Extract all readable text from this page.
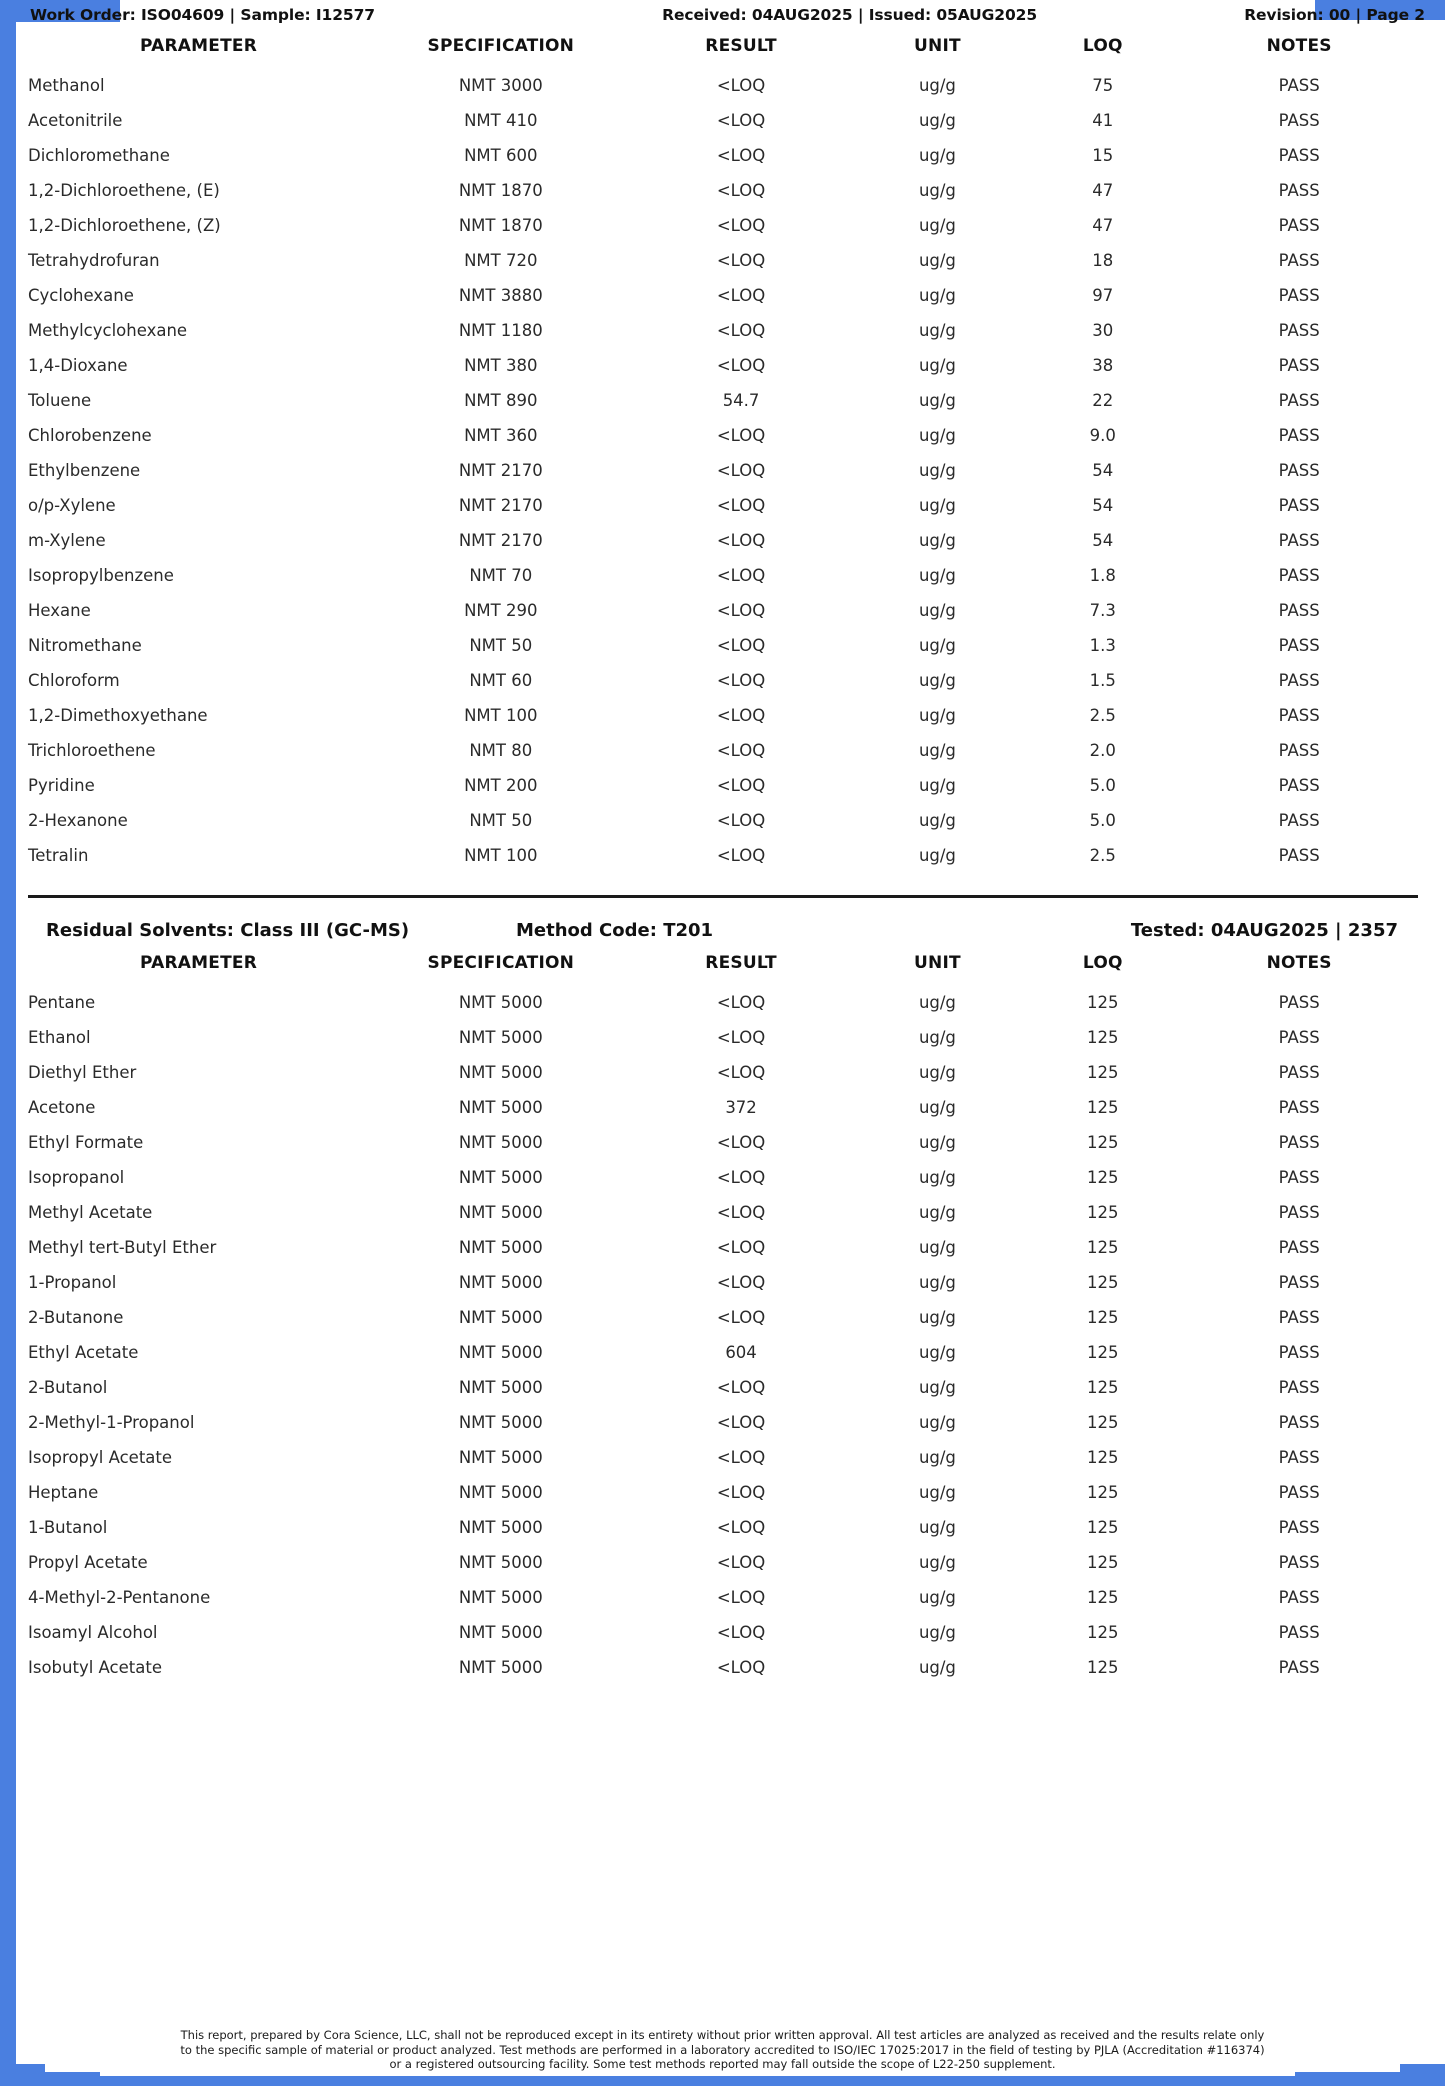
Work Order: ISO04609 | Sample: I12577	Received: 04AUG2025 | Issued: 05AUG2025	Revision: 00 | Page 2
PARAMETER	SPECIFICATION	RESULT	UNIT	LOQ	NOTES
Methanol	NMT 3000	<LOQ	ug/g	75	PASS
Acetonitrile	NMT 410	<LOQ	ug/g	41	PASS
Dichloromethane	NMT 600	<LOQ	ug/g	15	PASS
1,2-Dichloroethene, (E)	NMT 1870	<LOQ	ug/g	47	PASS
1,2-Dichloroethene, (Z)	NMT 1870	<LOQ	ug/g	47	PASS
Tetrahydrofuran	NMT 720	<LOQ	ug/g	18	PASS
Cyclohexane	NMT 3880	<LOQ	ug/g	97	PASS
Methylcyclohexane	NMT 1180	<LOQ	ug/g	30	PASS
1,4-Dioxane	NMT 380	<LOQ	ug/g	38	PASS
Toluene	NMT 890	54.7	ug/g	22	PASS
Chlorobenzene	NMT 360	<LOQ	ug/g	9.0	PASS
Ethylbenzene	NMT 2170	<LOQ	ug/g	54	PASS
o/p-Xylene	NMT 2170	<LOQ	ug/g	54	PASS
m-Xylene	NMT 2170	<LOQ	ug/g	54	PASS
Isopropylbenzene	NMT 70	<LOQ	ug/g	1.8	PASS
Hexane	NMT 290	<LOQ	ug/g	7.3	PASS
Nitromethane	NMT 50	<LOQ	ug/g	1.3	PASS
Chloroform	NMT 60	<LOQ	ug/g	1.5	PASS
1,2-Dimethoxyethane	NMT 100	<LOQ	ug/g	2.5	PASS
Trichloroethene	NMT 80	<LOQ	ug/g	2.0	PASS
Pyridine	NMT 200	<LOQ	ug/g	5.0	PASS
2-Hexanone	NMT 50	<LOQ	ug/g	5.0	PASS
Tetralin	NMT 100	<LOQ	ug/g	2.5	PASS
Residual Solvents: Class III (GC-MS)	Method Code: T201	Tested: 04AUG2025 | 2357
PARAMETER	SPECIFICATION	RESULT	UNIT	LOQ	NOTES
Pentane	NMT 5000	<LOQ	ug/g	125	PASS
Ethanol	NMT 5000	<LOQ	ug/g	125	PASS
Diethyl Ether	NMT 5000	<LOQ	ug/g	125	PASS
Acetone	NMT 5000	372	ug/g	125	PASS
Ethyl Formate	NMT 5000	<LOQ	ug/g	125	PASS
Isopropanol	NMT 5000	<LOQ	ug/g	125	PASS
Methyl Acetate	NMT 5000	<LOQ	ug/g	125	PASS
Methyl tert-Butyl Ether	NMT 5000	<LOQ	ug/g	125	PASS
1-Propanol	NMT 5000	<LOQ	ug/g	125	PASS
2-Butanone	NMT 5000	<LOQ	ug/g	125	PASS
Ethyl Acetate	NMT 5000	604	ug/g	125	PASS
2-Butanol	NMT 5000	<LOQ	ug/g	125	PASS
2-Methyl-1-Propanol	NMT 5000	<LOQ	ug/g	125	PASS
Isopropyl Acetate	NMT 5000	<LOQ	ug/g	125	PASS
Heptane	NMT 5000	<LOQ	ug/g	125	PASS
1-Butanol	NMT 5000	<LOQ	ug/g	125	PASS
Propyl Acetate	NMT 5000	<LOQ	ug/g	125	PASS
4-Methyl-2-Pentanone	NMT 5000	<LOQ	ug/g	125	PASS
Isoamyl Alcohol	NMT 5000	<LOQ	ug/g	125	PASS
Isobutyl Acetate	NMT 5000	<LOQ	ug/g	125	PASS
This report, prepared by Cora Science, LLC, shall not be reproduced except in its entirety without prior written approval. All test articles are analyzed as received and the results relate only
to the specific sample of material or product analyzed. Test methods are performed in a laboratory accredited to ISO/IEC 17025:2017 in the field of testing by PJLA (Accreditation #116374)
or a registered outsourcing facility. Some test methods reported may fall outside the scope of L22-250 supplement.
